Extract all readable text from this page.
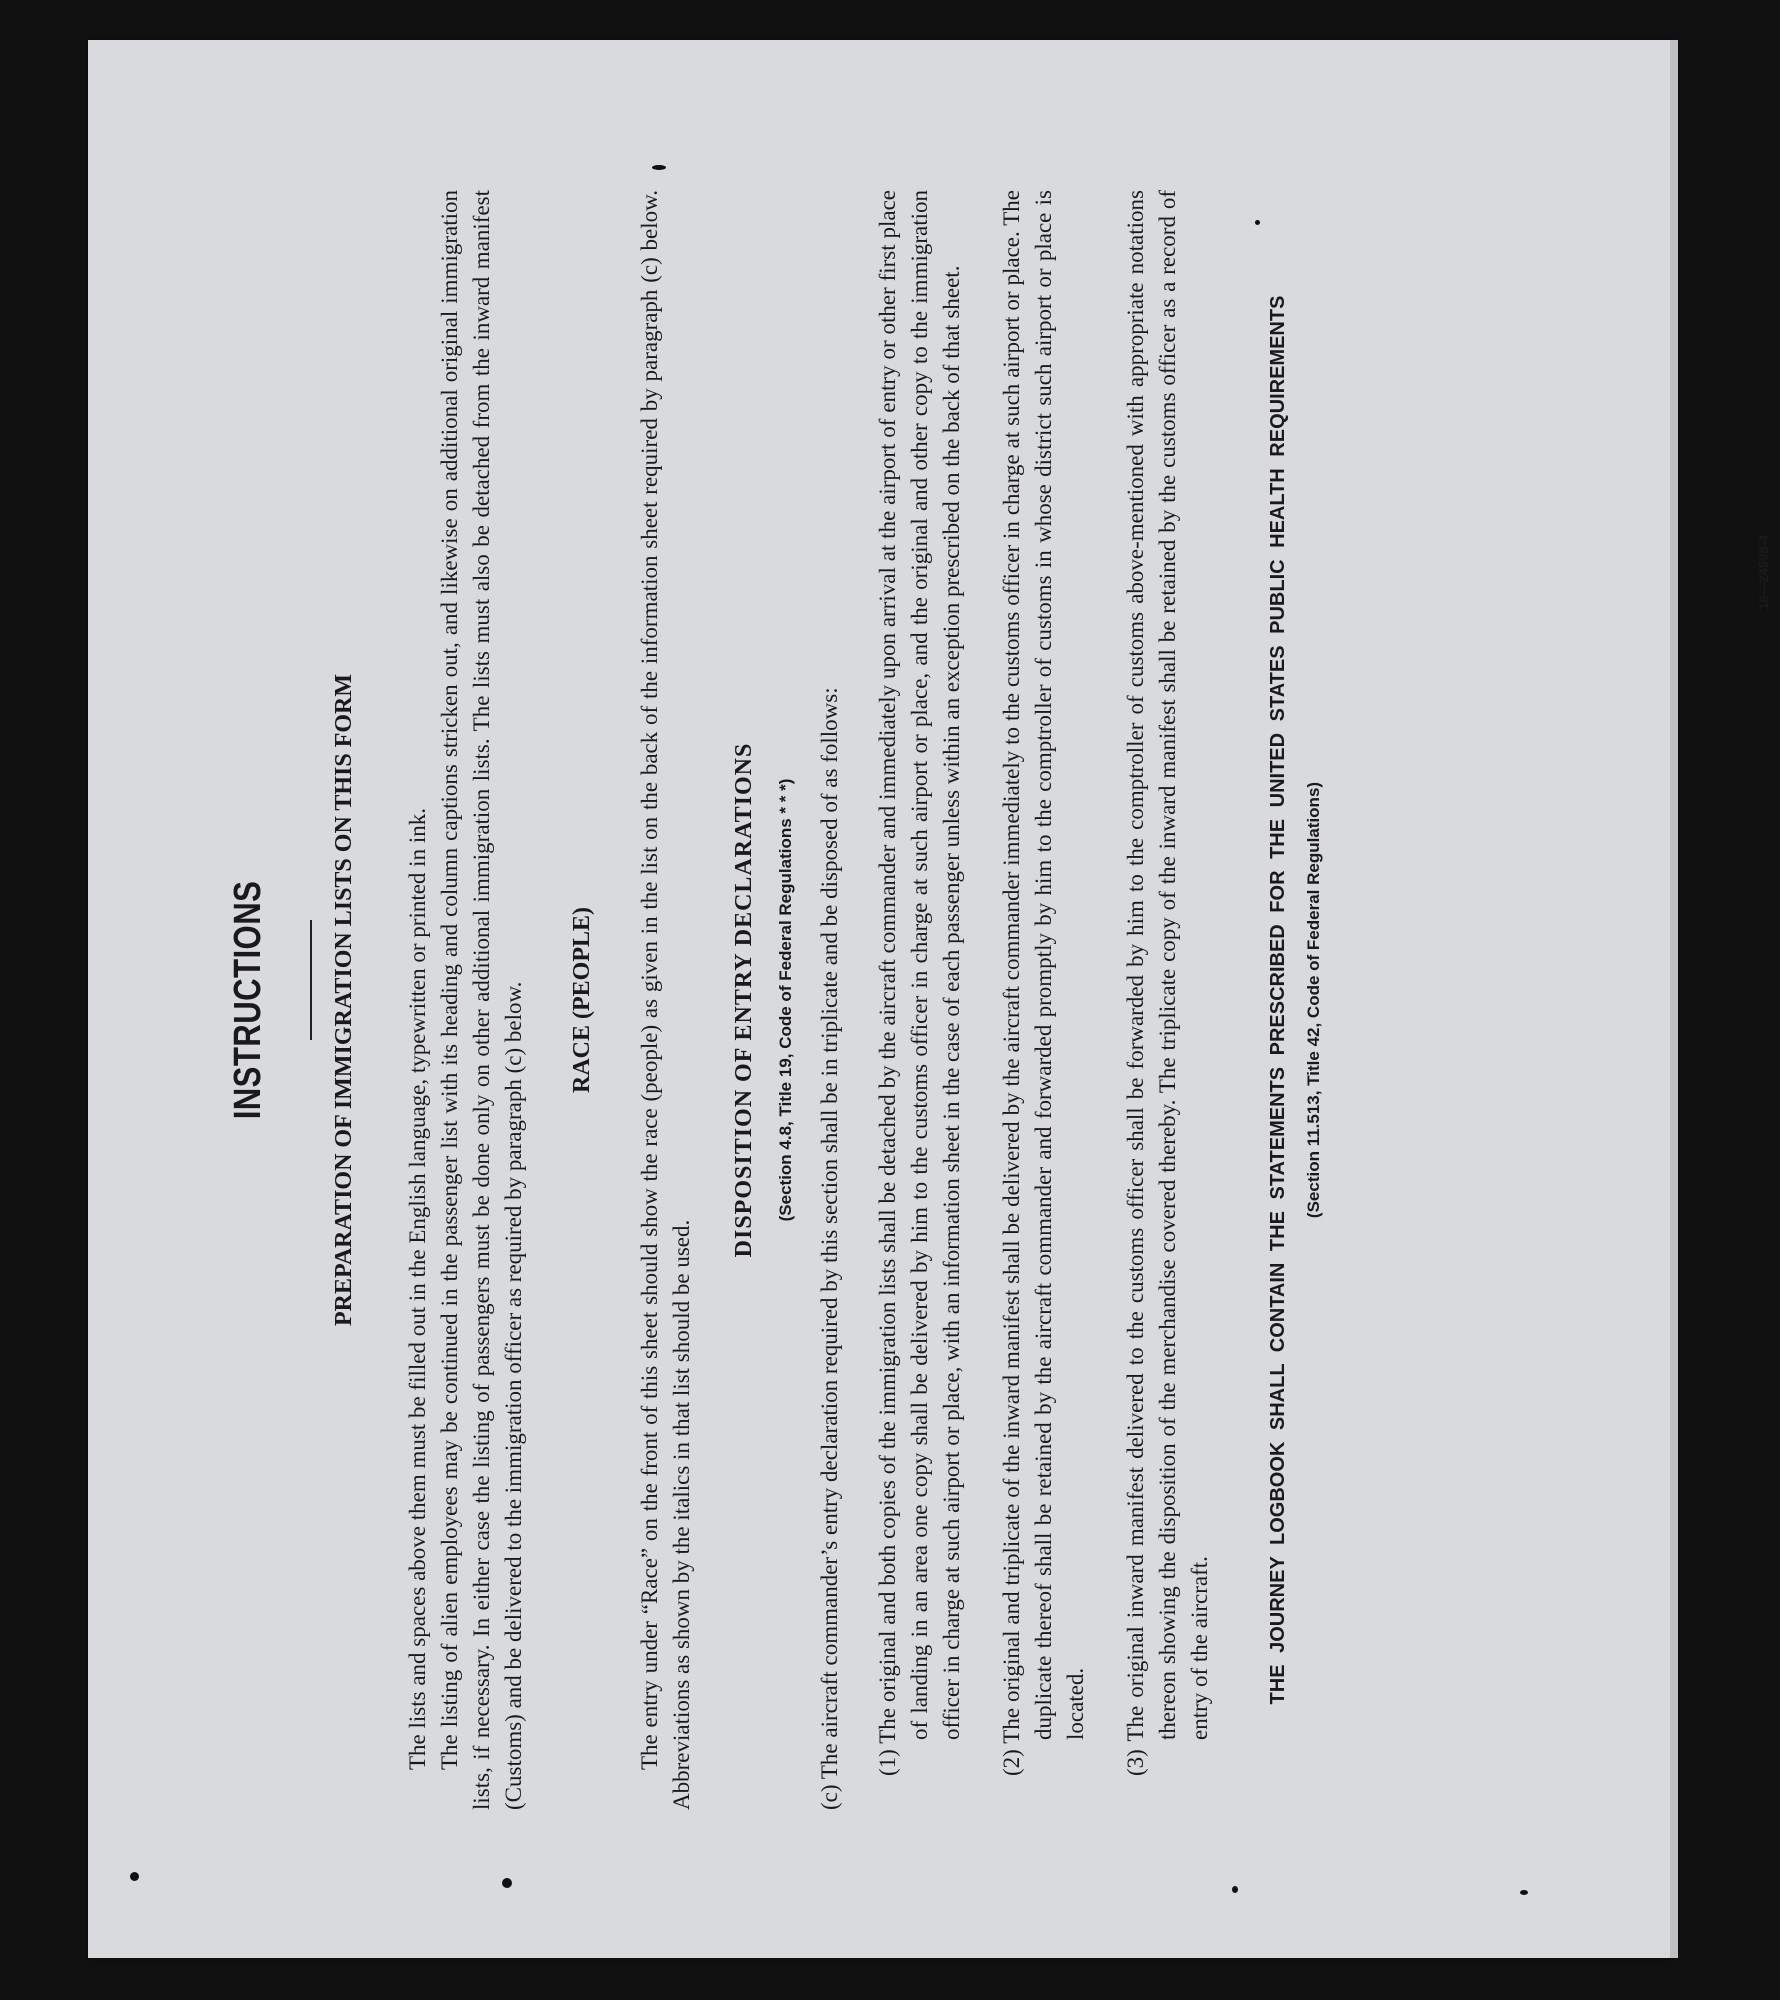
INSTRUCTIONS	PREPARATION OF IMMIGRATION LISTS ON THIS FORM The lists and spaces above them must be filled out in the English language, typewritten or printed in ink. The listing of alien employees may be continued in the passenger list with its heading and column captions stricken out, and likewise on additional original immigration lists, if necessary. In either case the listing of passengers must be done only on other additional immigration lists. The lists must also be detached from the inward manifest (Customs) and be delivered to the immigration officer as required by paragraph (c) below. RACE (PEOPLE) The entry under “Race” on the front of this sheet should show the race (people) as given in the list on the back of the information sheet required by paragraph (c) below. Abbreviations as shown by the italics in that list should be used.

DISPOSITION OF ENTRY DECLARATIONS	(Section 4.8, Title 19, Code of Federal Regulations * * *) (c) The aircraft commander’s entry declaration required by this section shall be in triplicate and be disposed of as follows: (1) The original and both copies of the immigration lists shall be detached by the aircraft commander and immediately upon arrival at the airport of entry or other first place of landing in an area one copy shall be delivered by him to the customs officer in charge at such airport or place, and the original and other copy to the immigration officer in charge at such airport or place, with an information sheet in the case of each passenger unless within an exception prescribed on the back of that sheet. (2) The original and triplicate of the inward manifest shall be delivered by the aircraft commander immediately to the customs officer in charge at such airport or place. The duplicate thereof shall be retained by the aircraft commander and forwarded promptly by him to the comptroller of customs in whose district such airport or place is located. (3) The original inward manifest delivered to the customs officer shall be forwarded by him to the comptroller of customs above-mentioned with appropriate notations thereon showing the disposition of the merchandise covered thereby. The triplicate copy of the inward manifest shall be retained by the customs officer as a record of entry of the aircraft.	THE JOURNEY LOGBOOK SHALL CONTAIN THE STATEMENTS PRESCRIBED FOR THE UNITED STATES PUBLIC HEALTH REQUIREMENTS (Section 11.513, Title 42, Code of Federal Regulations)
16—24598-4
